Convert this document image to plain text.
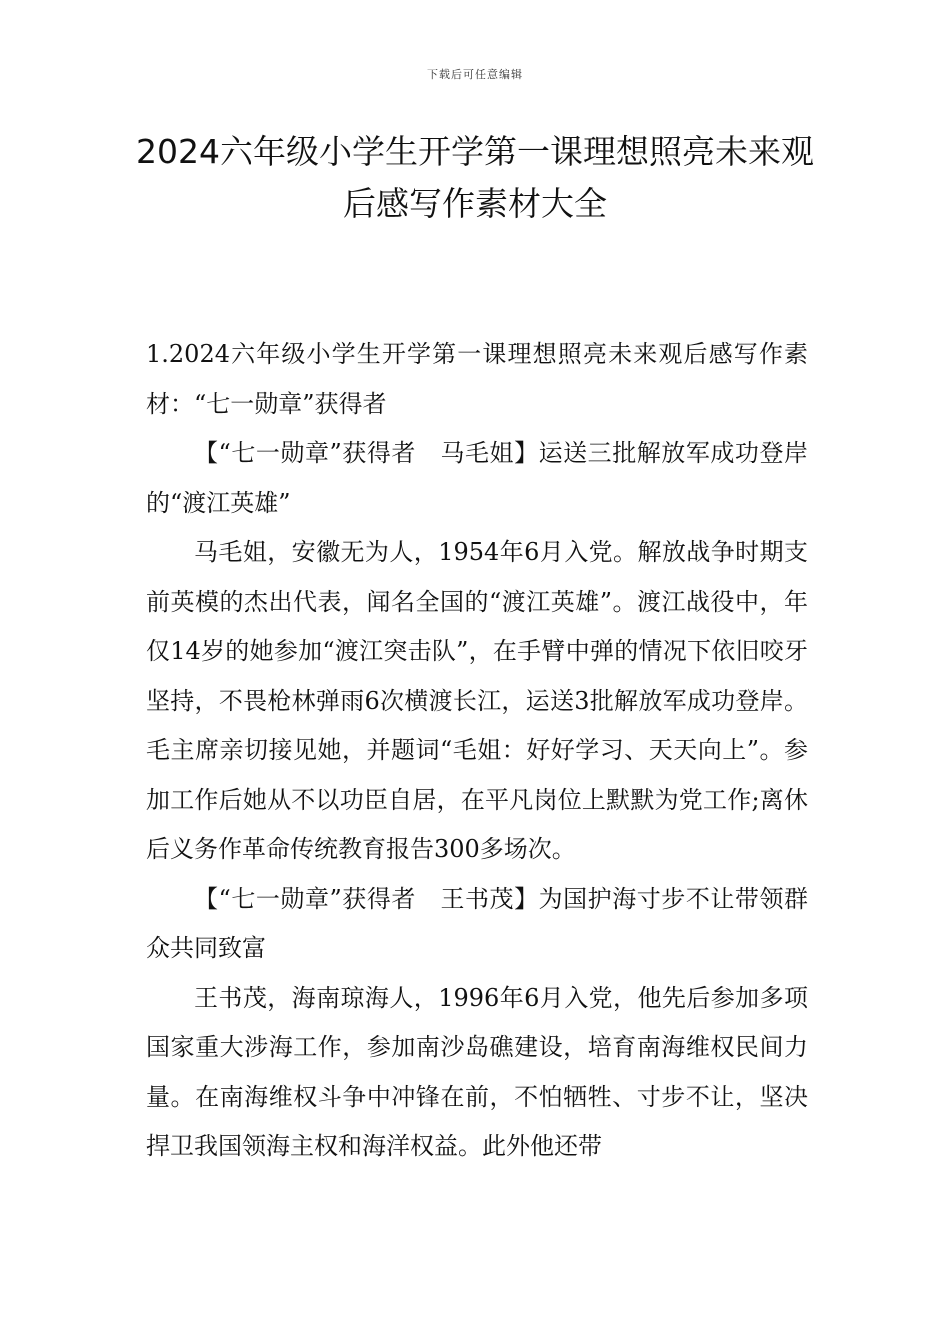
下载后可任意编辑
2024六年级小学生开学第一课理想照亮未来观后感写作素材大全

1.2024六年级小学生开学第一课理想照亮未来观后感写作素材：“七一勋章”获得者

【“七一勋章”获得者　马毛姐】运送三批解放军成功登岸的“渡江英雄”

马毛姐，安徽无为人，1954年6月入党。解放战争时期支前英模的杰出代表，闻名全国的“渡江英雄”。渡江战役中，年仅14岁的她参加“渡江突击队”，在手臂中弹的情况下依旧咬牙坚持，不畏枪林弹雨6次横渡长江，运送3批解放军成功登岸。毛主席亲切接见她，并题词“毛姐：好好学习、天天向上”。参加工作后她从不以功臣自居，在平凡岗位上默默为党工作;离休后义务作革命传统教育报告300多场次。

【“七一勋章”获得者　王书茂】为国护海寸步不让带领群众共同致富

王书茂，海南琼海人，1996年6月入党，他先后参加多项国家重大涉海工作，参加南沙岛礁建设，培育南海维权民间力量。在南海维权斗争中冲锋在前，不怕牺牲、寸步不让，坚决捍卫我国领海主权和海洋权益。此外他还带
